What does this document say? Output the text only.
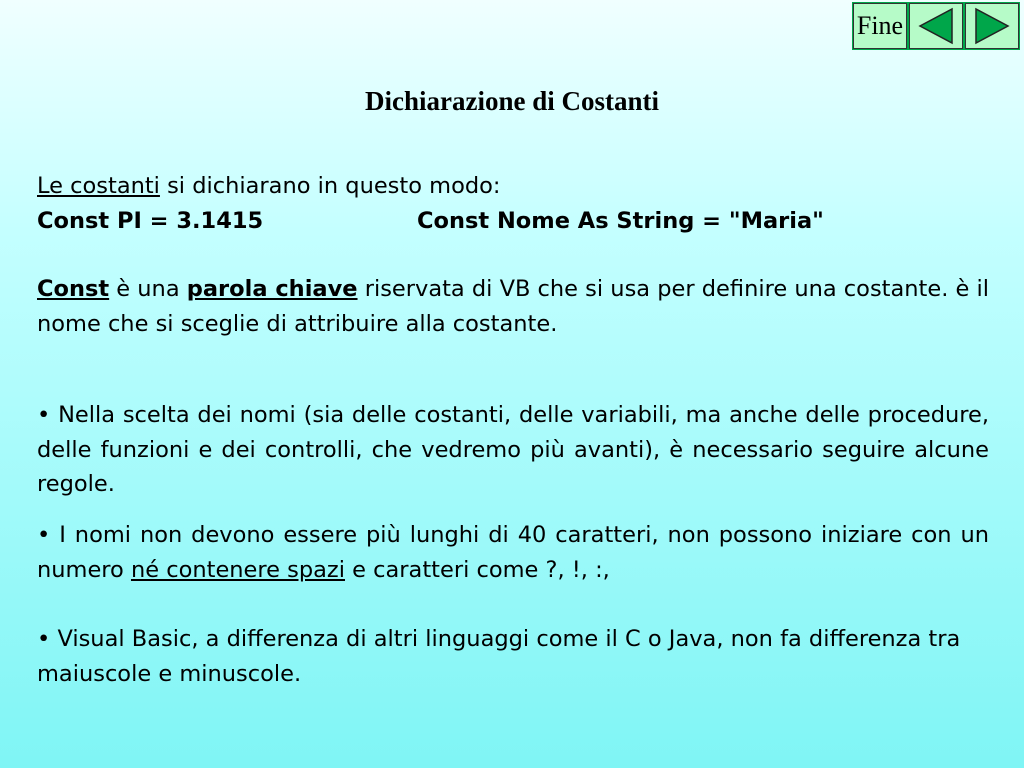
Fine
Dichiarazione di Costanti
Le costanti si dichiarano in questo modo:
Const PI = 3.1415	Const Nome As String = "Maria"

Const è una parola chiave riservata di VB che si usa per definire una costante. è il nome che si sceglie di attribuire alla costante.

• Nella scelta dei nomi (sia delle costanti, delle variabili, ma anche delle procedure, delle funzioni e dei controlli, che vedremo più avanti), è necessario seguire alcune regole.

• I nomi non devono essere più lunghi di 40 caratteri, non possono iniziare con un numero né contenere spazi e caratteri come ?, !, :,

• Visual Basic, a differenza di altri linguaggi come il C o Java, non fa differenza tra maiuscole e minuscole.
